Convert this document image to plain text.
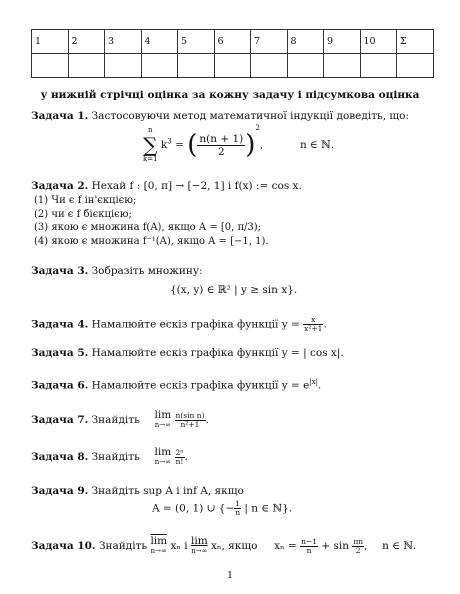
1	2	3	4	5	6	7	8	9	10	Σ

у нижній стрічці оцінка за кожну задачу і підсумкова оцінка
Задача 1. Застосовуючи метод математичної індукції доведіть, що:
n
∑
k=1
$k^3$ = ( $\frac{n(n + 1)}{2} )^2$,	n ∈ ℕ.
Задача 2. Нехай f : [0, π] → [−2, 1] і f(x) := cos x.
(1) Чи є f ін'єкцією;
(2) чи є f бієкцією;
(3) якою є множина f(A), якщо A = [0, π/3);
(4) якою є множина f⁻¹(A), якщо A = [−1, 1).
Задача 3. Зобразіть множину:
{(x, y) ∈ ℝ² | y ≥ sin x}.
Задача 4. Намалюйте ескіз графіка функції $y = \frac{x}{\text{x²+1}}$ .
Задача 5. Намалюйте ескіз графіка функції y = | cos x|.
Задача 6. Намалюйте ескіз графіка функції $y = e^{|x|}$.
Задача 7. Знайдіть lim
n→∞
$\frac{\text{n(sin n)}}{\text{n²+1}}$ .
Задача 8. Знайдіть lim
n→∞
$\frac{\text{2ⁿ}}{n!}$ .
Задача 9. Знайдіть sup A і inf A, якщо
A = (0, 1) ∪ {− $\frac{1}{n}$ | n ∈ ℕ}.
Задача 10. Знайдіть $\overline{lim}$
n→∞ xₙ і lim
n→∞ xₙ, якщо $x_n = \frac{n-1}{n} + \sin \frac{\pi n}{2}$ , n ∈ ℕ.
1
